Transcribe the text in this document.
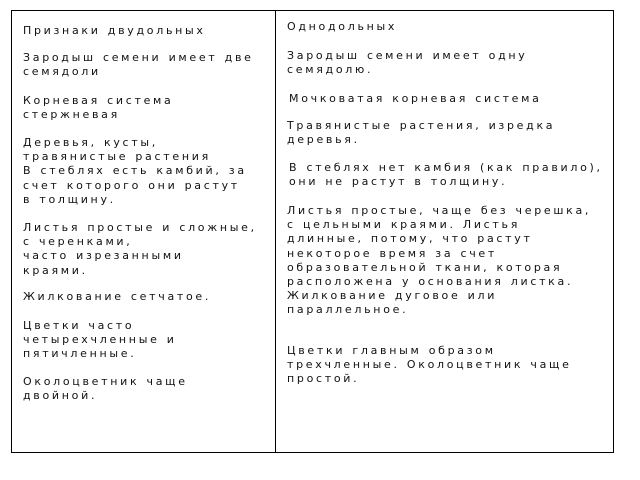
Признаки двудольных

Зародыш семени имеет две
семядоли

Корневая система
стержневая

Деревья, кусты,
травянистые растения
В стеблях есть камбий, за
счет которого они растут
в толщину.

Листья простые и сложные,
с черенками,
часто изрезанными
краями.

Жилкование сетчатое.

Цветки часто
четырехчленные и
пятичленные.

Околоцветник чаще
двойной.

Однодольных

Зародыш семени имеет одну
семядолю.

Мочковатая корневая система

Травянистые растения, изредка
деревья.

В стеблях нет камбия (как правило),
они не растут в толщину.

Листья простые, чаще без черешка,
с цельными краями. Листья
длинные, потому, что растут
некоторое время за счет
образовательной ткани, которая
расположена у основания листка.
Жилкование дуговое или
параллельное.

Цветки главным образом
трехчленные. Околоцветник чаще
простой.
